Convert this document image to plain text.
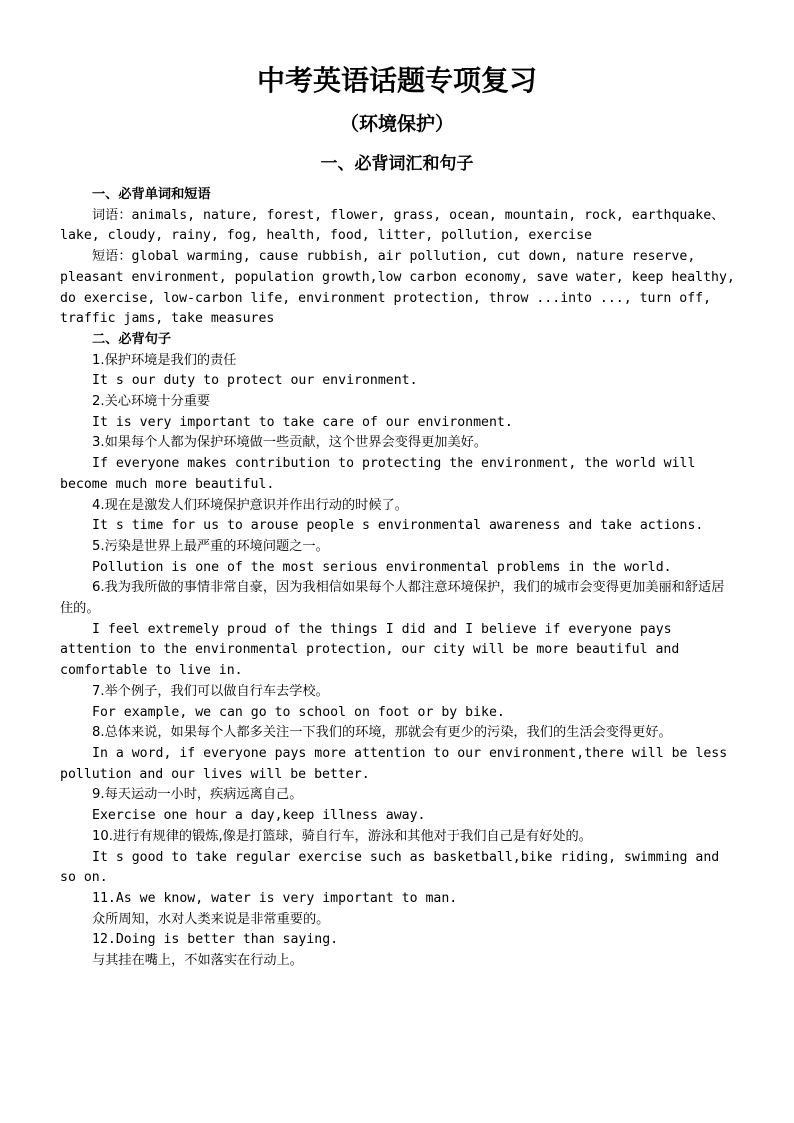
中考英语话题专项复习
（环境保护）
一、必背词汇和句子
一、必背单词和短语
词语：animals, nature, forest, flower, grass, ocean, mountain, rock, earthquake、lake, cloudy, rainy, fog, health, food, litter, pollution, exercise
短语：global warming, cause rubbish, air pollution, cut down, nature reserve, pleasant environment, population growth,low carbon economy, save water, keep healthy, do exercise, low-carbon life, environment protection, throw ...into ..., turn off, traffic jams, take measures
二、必背句子
1.保护环境是我们的责任
It s our duty to protect our environment.
2.关心环境十分重要
It is very important to take care of our environment.
3.如果每个人都为保护环境做一些贡献，这个世界会变得更加美好。
If everyone makes contribution to protecting the environment, the world will become much more beautiful.
4.现在是激发人们环境保护意识并作出行动的时候了。
It s time for us to arouse people s environmental awareness and take actions.
5.污染是世界上最严重的环境问题之一。
Pollution is one of the most serious environmental problems in the world.
6.我为我所做的事情非常自豪，因为我相信如果每个人都注意环境保护，我们的城市会变得更加美丽和舒适居住的。
I feel extremely proud of the things I did and I believe if everyone pays attention to the environmental protection, our city will be more beautiful and comfortable to live in.
7.举个例子，我们可以做自行车去学校。
For example, we can go to school on foot or by bike.
8.总体来说，如果每个人都多关注一下我们的环境，那就会有更少的污染，我们的生活会变得更好。
In a word, if everyone pays more attention to our environment,there will be less pollution and our lives will be better.
9.每天运动一小时，疾病远离自己。
Exercise one hour a day,keep illness away.
10.进行有规律的锻炼,像是打篮球，骑自行车，游泳和其他对于我们自己是有好处的。
It s good to take regular exercise such as basketball,bike riding, swimming and so on.
11.As we know, water is very important to man.
众所周知，水对人类来说是非常重要的。
12.Doing is better than saying.
与其挂在嘴上，不如落实在行动上。
